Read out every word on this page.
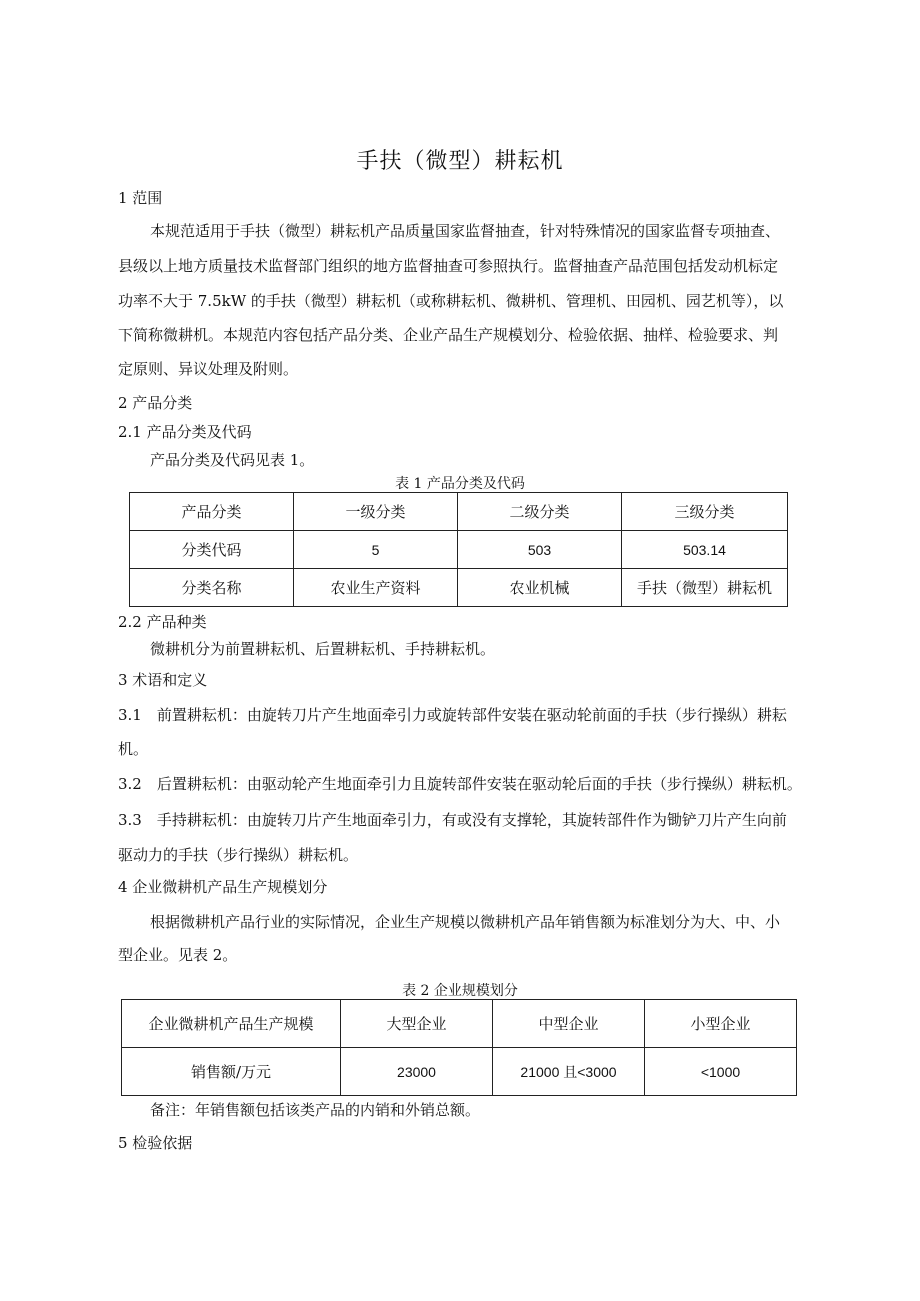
手扶（微型）耕耘机
1 范围
本规范适用于手扶（微型）耕耘机产品质量国家监督抽查，针对特殊情况的国家监督专项抽查、
县级以上地方质量技术监督部门组织的地方监督抽查可参照执行。监督抽查产品范围包括发动机标定
功率不大于 7.5kW 的手扶（微型）耕耘机（或称耕耘机、微耕机、管理机、田园机、园艺机等），以
下简称微耕机。本规范内容包括产品分类、企业产品生产规模划分、检验依据、抽样、检验要求、判
定原则、异议处理及附则。
2 产品分类
2.1 产品分类及代码
产品分类及代码见表 1。
表 1 产品分类及代码
产品分类	一级分类	二级分类	三级分类
分类代码	5	503	503.14
分类名称	农业生产资料	农业机械	手扶（微型）耕耘机
2.2 产品种类
微耕机分为前置耕耘机、后置耕耘机、手持耕耘机。
3 术语和定义
3.1　前置耕耘机：由旋转刀片产生地面牵引力或旋转部件安装在驱动轮前面的手扶（步行操纵）耕耘
机。
3.2　后置耕耘机：由驱动轮产生地面牵引力且旋转部件安装在驱动轮后面的手扶（步行操纵）耕耘机。
3.3　手持耕耘机：由旋转刀片产生地面牵引力，有或没有支撑轮，其旋转部件作为锄铲刀片产生向前
驱动力的手扶（步行操纵）耕耘机。
4 企业微耕机产品生产规模划分
根据微耕机产品行业的实际情况，企业生产规模以微耕机产品年销售额为标准划分为大、中、小
型企业。见表 2。
表 2 企业规模划分
企业微耕机产品生产规模	大型企业	中型企业	小型企业
销售额/万元	23000	21000 且<3000	<1000
备注：年销售额包括该类产品的内销和外销总额。
5 检验依据
